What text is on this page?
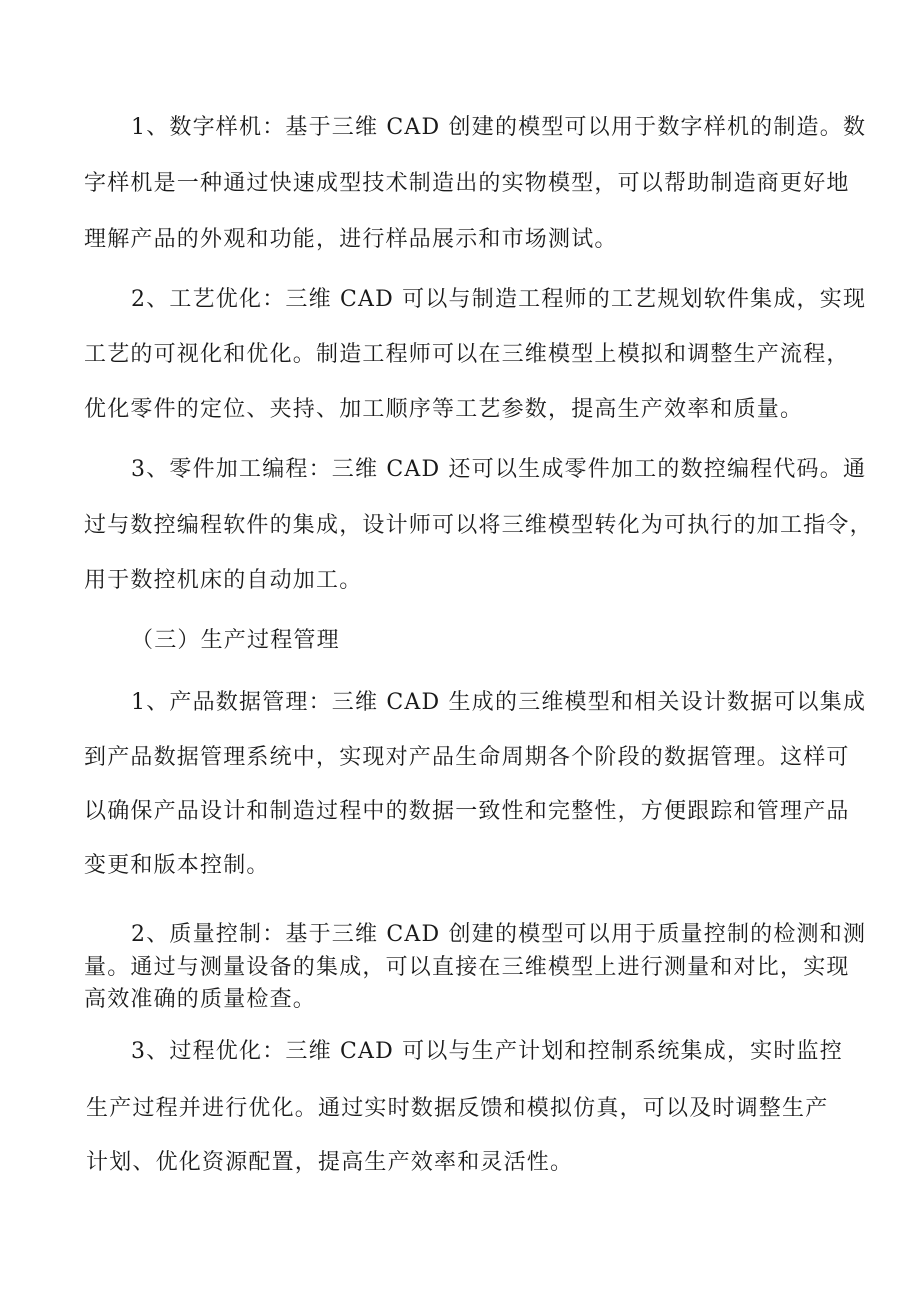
1、数字样机：基于三维 CAD 创建的模型可以用于数字样机的制造。数
字样机是一种通过快速成型技术制造出的实物模型，可以帮助制造商更好地
理解产品的外观和功能，进行样品展示和市场测试。
2、工艺优化：三维 CAD 可以与制造工程师的工艺规划软件集成，实现
工艺的可视化和优化。制造工程师可以在三维模型上模拟和调整生产流程，
优化零件的定位、夹持、加工顺序等工艺参数，提高生产效率和质量。
3、零件加工编程：三维 CAD 还可以生成零件加工的数控编程代码。通
过与数控编程软件的集成，设计师可以将三维模型转化为可执行的加工指令，
用于数控机床的自动加工。
（三）生产过程管理
1、产品数据管理：三维 CAD 生成的三维模型和相关设计数据可以集成
到产品数据管理系统中，实现对产品生命周期各个阶段的数据管理。这样可
以确保产品设计和制造过程中的数据一致性和完整性，方便跟踪和管理产品
变更和版本控制。
2、质量控制：基于三维 CAD 创建的模型可以用于质量控制的检测和测
量。通过与测量设备的集成，可以直接在三维模型上进行测量和对比，实现
高效准确的质量检查。
3、过程优化：三维 CAD 可以与生产计划和控制系统集成，实时监控
生产过程并进行优化。通过实时数据反馈和模拟仿真，可以及时调整生产
计划、优化资源配置，提高生产效率和灵活性。
